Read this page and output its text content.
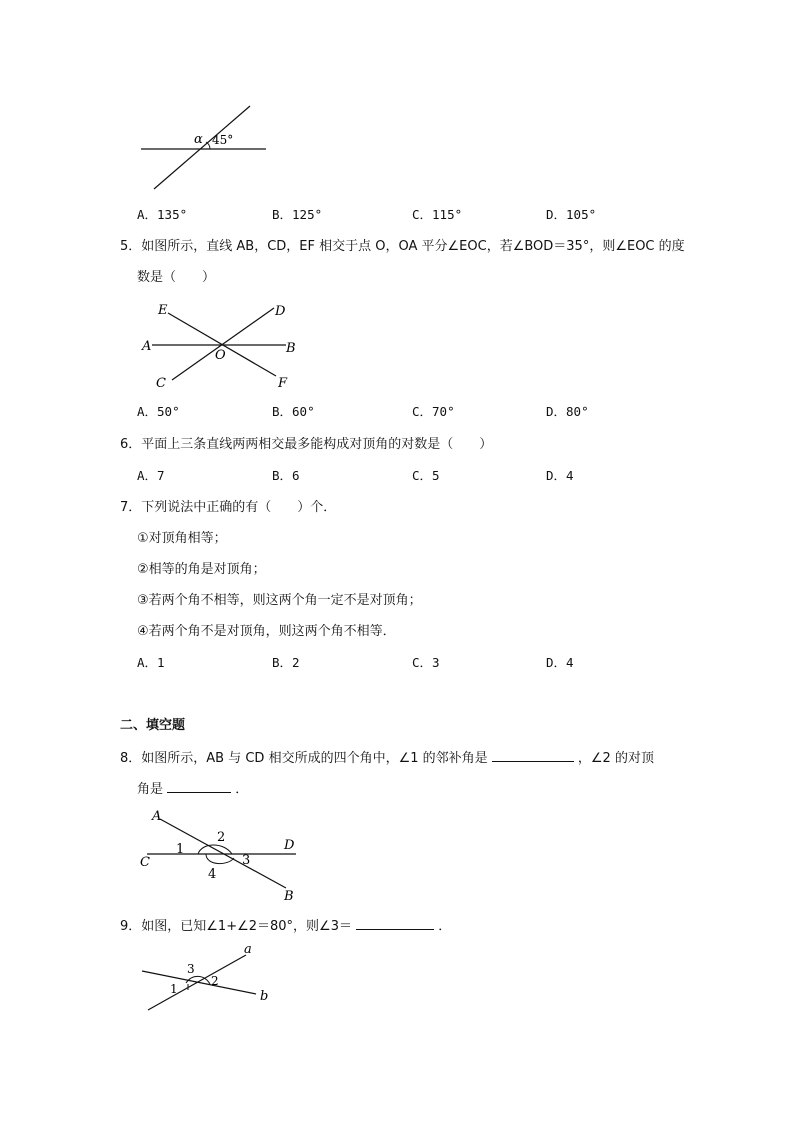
α 45°
A．135°	B．125°	C．115°	D．105°
5．如图所示，直线 AB，CD，EF 相交于点 O，OA 平分∠EOC，若∠BOD＝35°，则∠EOC 的度
数是（　　）
E	D
A	B
O
C	F
A．50°	B．60°	C．70°	D．80°
6．平面上三条直线两两相交最多能构成对顶角的对数是（　　）
A．7	B．6	C．5	D．4
7．下列说法中正确的有（　　）个．
①对顶角相等；
②相等的角是对顶角；
③若两个角不相等，则这两个角一定不是对顶角；
④若两个角不是对顶角，则这两个角不相等．
A．1	B．2	C．3	D．4
二、填空题
8．如图所示，AB 与 CD 相交所成的四个角中，∠1 的邻补角是	，∠2 的对顶
角是	．
A
2
D
C
1
3
4
B
9．如图，已知∠1+∠2＝80°，则∠3＝	．
a
3
2
1	b
